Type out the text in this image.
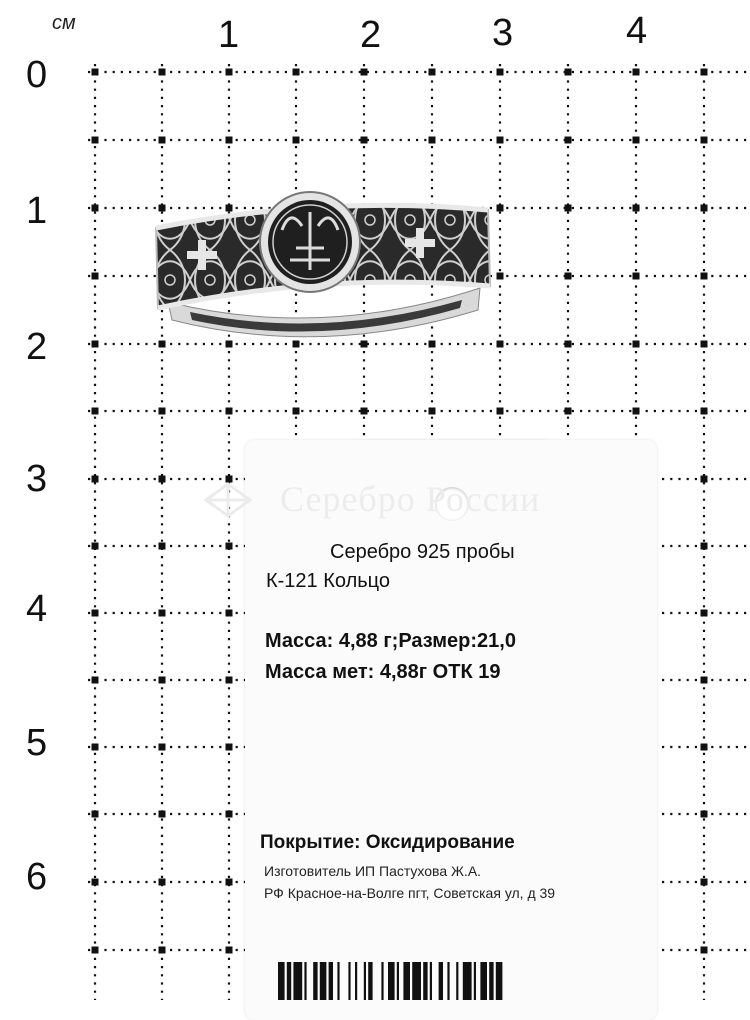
см	1	2	3	4
0
1
2
3
4
5
6
Серебро России
Серебро 925 пробы
К-121 Кольцо
Масса: 4,88 г;Размер:21,0
Масса мет: 4,88г ОТК 19
Покрытие: Оксидирование
Изготовитель ИП Пастухова Ж.А.
РФ Красное-на-Волге пгт, Советская ул, д 39
